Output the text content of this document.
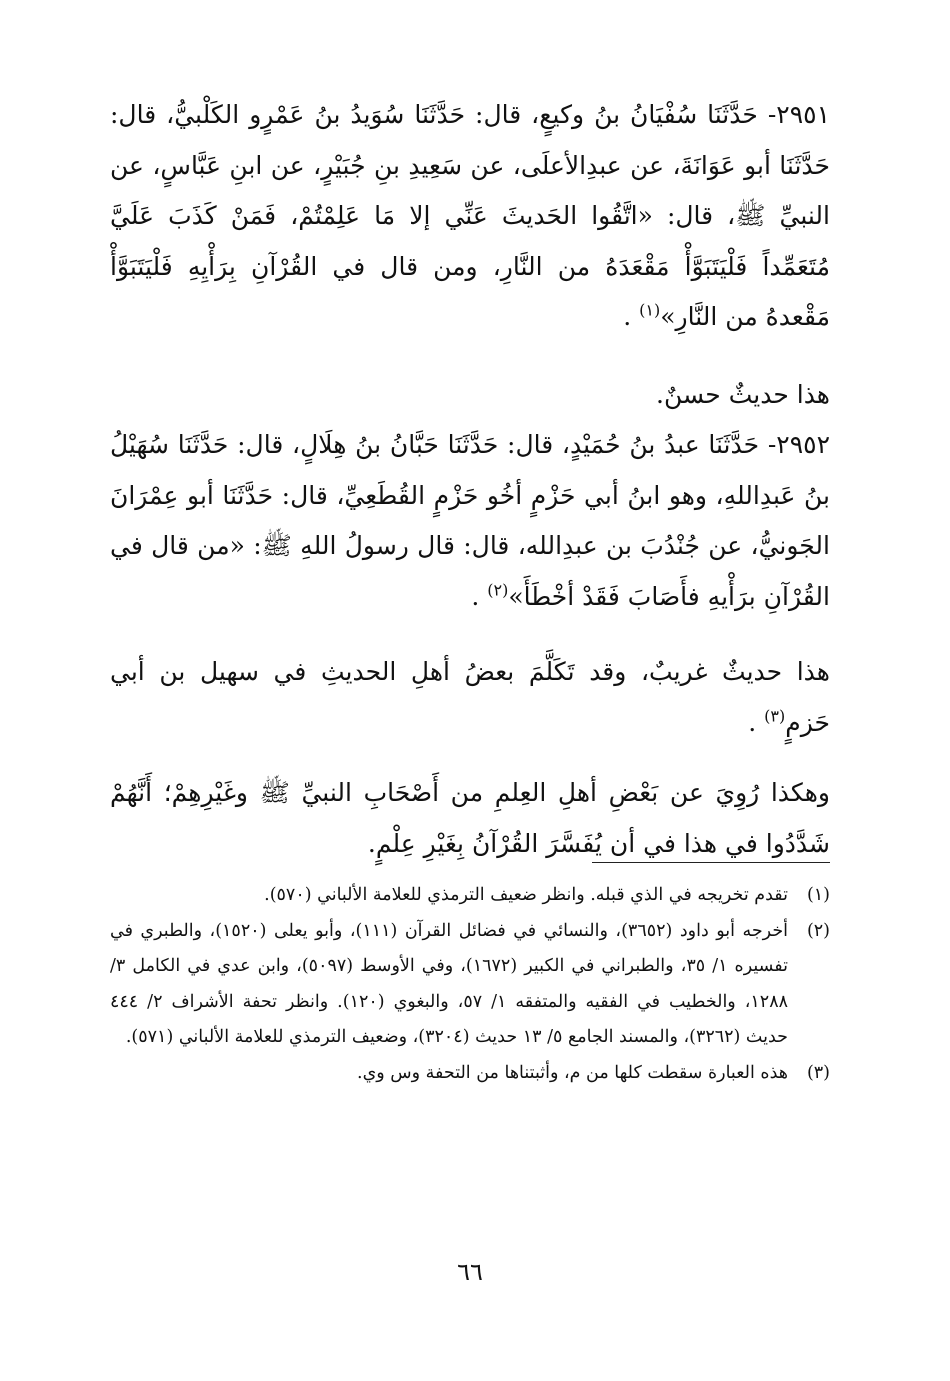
٢٩٥١- حَدَّثَنَا سُفْيَانُ بنُ وكيعٍ، قال: حَدَّثَنَا سُوَيدُ بنُ عَمْرٍو الكَلْبيُّ، قال: حَدَّثَنَا أبو عَوَانَةَ، عن عبدِالأعلَى، عن سَعِيدِ بنِ جُبَيْرٍ، عن ابنِ عَبَّاسٍ، عن النبيِّ ﷺ، قال: «اتَّقُوا الحَديثَ عَنِّي إلا مَا عَلِمْتُمْ، فَمَنْ كَذَبَ عَلَيَّ مُتَعَمِّداً فَلْيَتَبَوَّأْ مَقْعَدَهُ من النَّارِ، ومن قال في القُرْآنِ بِرَأْيِهِ فَلْيَتَبَوَّأْ مَقْعدهُ من النَّارِ»$^{(١)}$ .

هذا حديثٌ حسنٌ.

٢٩٥٢- حَدَّثَنَا عبدُ بنُ حُمَيْدٍ، قال: حَدَّثَنَا حَبَّانُ بنُ هِلَالٍ، قال: حَدَّثَنَا سُهَيْلُ بنُ عَبدِاللهِ، وهو ابنُ أبي حَزْمٍ أخُو حَزْمٍ القُطَعِيِّ، قال: حَدَّثَنَا أبو عِمْرَانَ الجَونيُّ، عن جُنْدُبَ بن عبدِالله، قال: قال رسولُ اللهِ ﷺ: «من قال في القُرْآنِ برَأْيهِ فأَصَابَ فَقَدْ أخْطَأَ»$^{(٢)}$ .

هذا حديثٌ غريبٌ، وقد تَكَلَّمَ بعضُ أهلِ الحديثِ في سهيل بن أبي حَزمٍ$^{(٣)}$ .

وهكذا رُوِيَ عن بَعْضِ أهلِ العِلمِ من أَصْحَابِ النبيِّ ﷺ وغَيْرِهِمْ؛ أَنَّهُمْ شَدَّدُوا في هذا في أن يُفَسَّرَ القُرْآنُ بِغَيْرِ عِلْمٍ.

(١)
تقدم تخريجه في الذي قبله. وانظر ضعيف الترمذي للعلامة الألباني (٥٧٠).
(٢)
أخرجه أبو داود (٣٦٥٢)، والنسائي في فضائل القرآن (١١١)، وأبو يعلى (١٥٢٠)، والطبري في تفسيره ١/ ٣٥، والطبراني في الكبير (١٦٧٢)، وفي الأوسط (٥٠٩٧)، وابن عدي في الكامل ٣/ ١٢٨٨، والخطيب في الفقيه والمتفقه ١/ ٥٧، والبغوي (١٢٠). وانظر تحفة الأشراف ٢/ ٤٤٤ حديث (٣٢٦٢)، والمسند الجامع ٥/ ١٣ حديث (٣٢٠٤)، وضعيف الترمذي للعلامة الألباني (٥٧١).
(٣)
هذه العبارة سقطت كلها من م، وأثبتناها من التحفة وس وي.
٦٦
